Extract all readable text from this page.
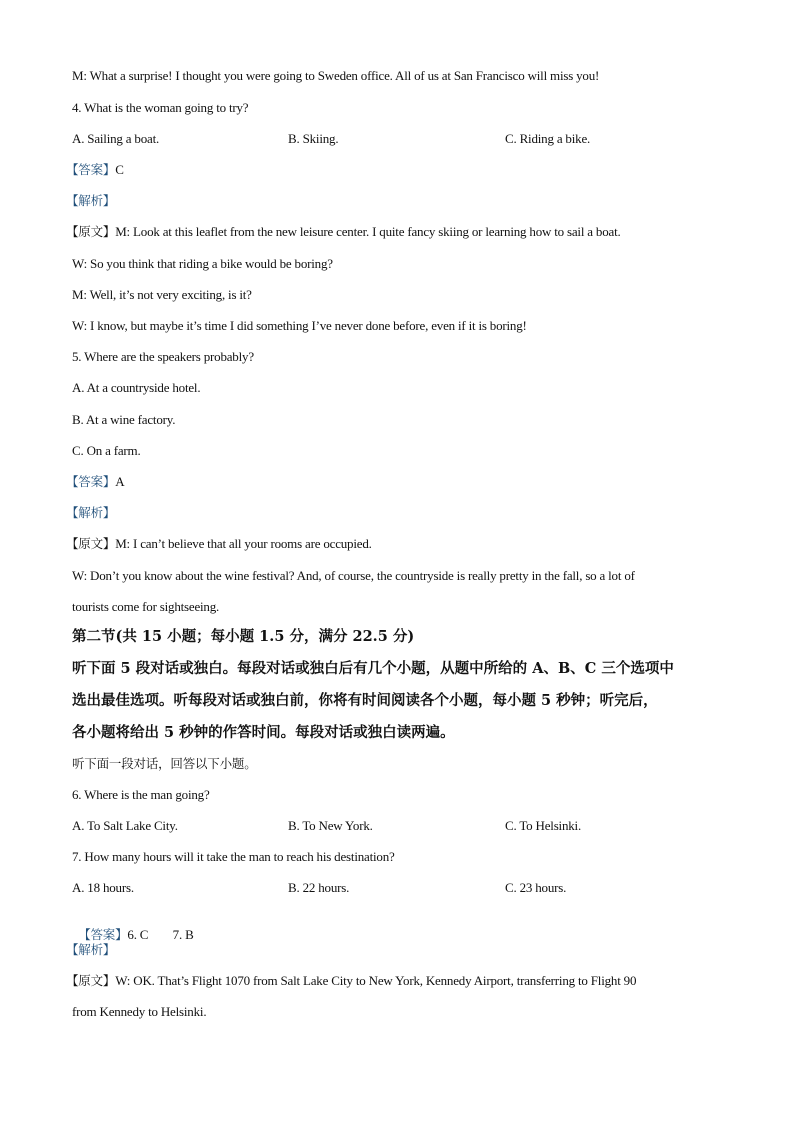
M: What a surprise! I thought you were going to Sweden office. All of us at San Francisco will miss you!
4. What is the woman going to try?
A. Sailing a boat.	B. Skiing.	C. Riding a bike.
【答案】C
【解析】
【原文】M: Look at this leaflet from the new leisure center. I quite fancy skiing or learning how to sail a boat.
W: So you think that riding a bike would be boring?
M: Well, it’s not very exciting, is it?
W: I know, but maybe it’s time I did something I’ve never done before, even if it is boring!
5. Where are the speakers probably?
A. At a countryside hotel.
B. At a wine factory.
C. On a farm.
【答案】A
【解析】
【原文】M: I can’t believe that all your rooms are occupied.
W: Don’t you know about the wine festival? And, of course, the countryside is really pretty in the fall, so a lot of
tourists come for sightseeing.
第二节(共 15 小题；每小题 1.5 分，满分 22.5 分)
听下面 5 段对话或独白。每段对话或独白后有几个小题，从题中所给的 A、B、C 三个选项中
选出最佳选项。听每段对话或独白前，你将有时间阅读各个小题，每小题 5 秒钟；听完后，
各小题将给出 5 秒钟的作答时间。每段对话或独白读两遍。
听下面一段对话，回答以下小题。
6. Where is the man going?
A. To Salt Lake City.	B. To New York.	C. To Helsinki.
7. How many hours will it take the man to reach his destination?
A. 18 hours.	B. 22 hours.	C. 23 hours.

【答案】6. C        7. B

【解析】
【原文】W: OK. That’s Flight 1070 from Salt Lake City to New York, Kennedy Airport, transferring to Flight 90
from Kennedy to Helsinki.
